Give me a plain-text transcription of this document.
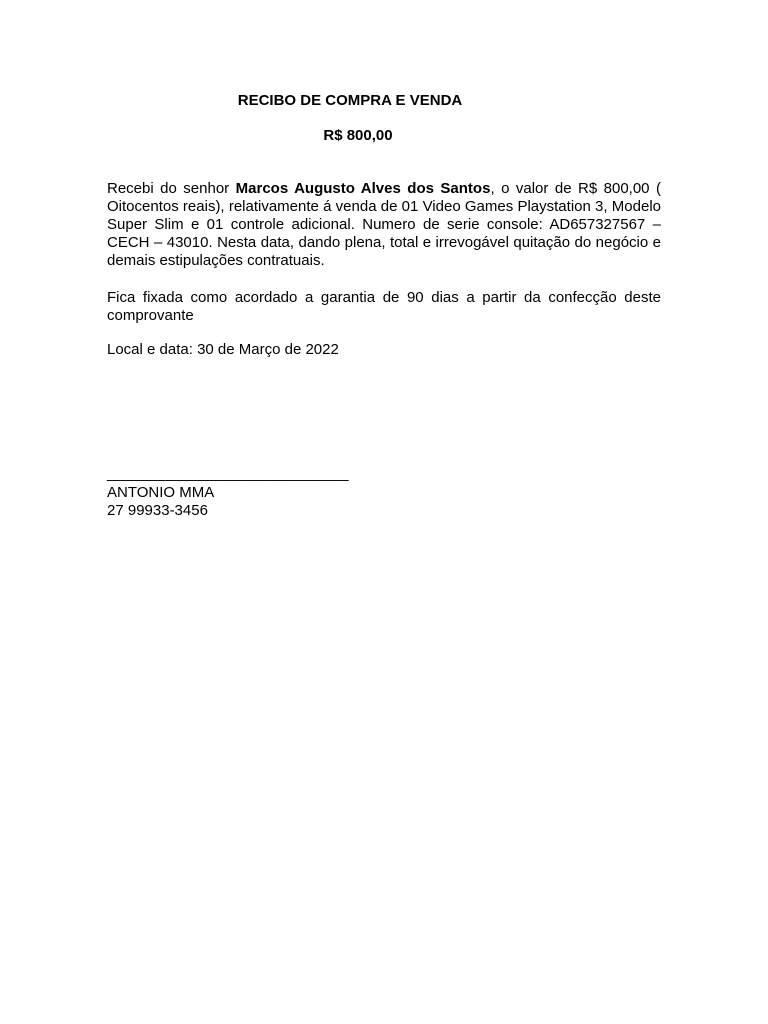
RECIBO DE COMPRA E VENDA
R$ 800,00
Recebi do senhor Marcos Augusto Alves dos Santos, o valor de R$ 800,00 ( Oitocentos reais), relativamente á venda de 01 Video Games Playstation 3, Modelo Super Slim e 01 controle adicional. Numero de serie console: AD657327567 – CECH – 43010. Nesta data, dando plena, total e irrevogável quitação do negócio e demais estipulações contratuais.
Fica fixada como acordado a garantia de 90 dias a partir da confecção deste comprovante
Local e data: 30 de Março de 2022
______________________________
ANTONIO MMA
27 99933-3456
